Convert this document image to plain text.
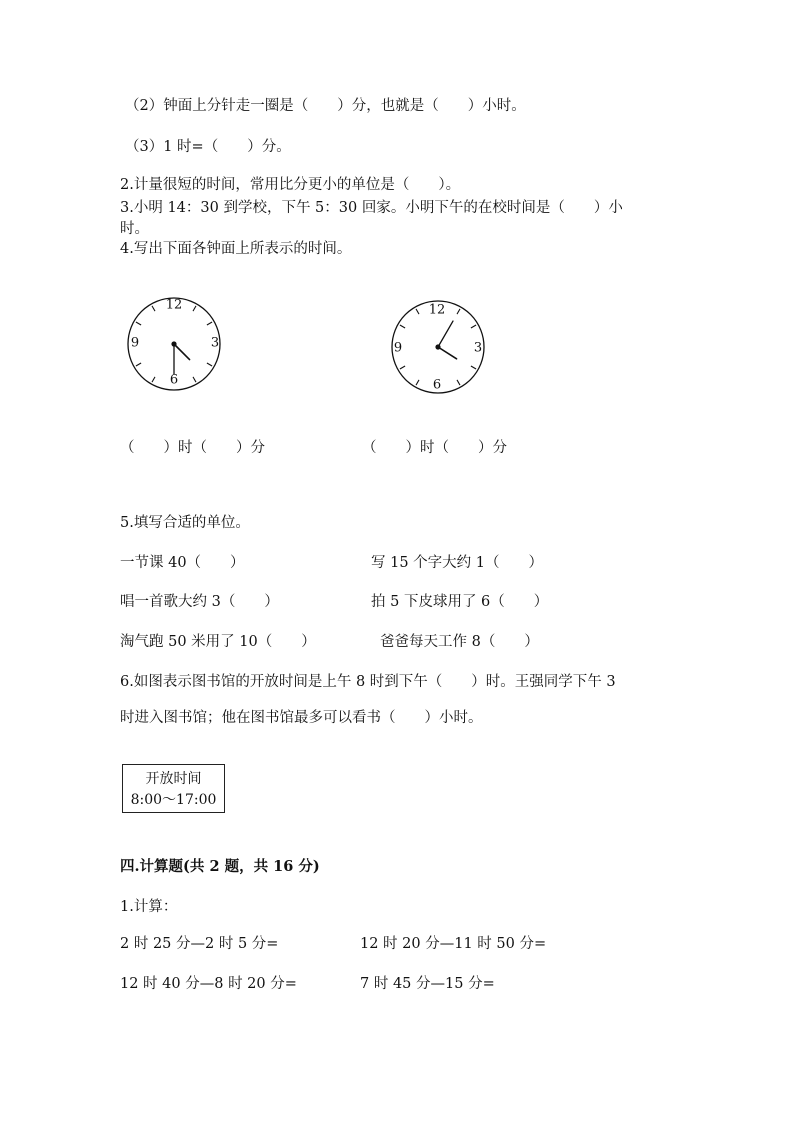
（2）钟面上分针走一圈是（　　）分，也就是（　　）小时。
（3）1 时=（　　）分。
2.计量很短的时间，常用比分更小的单位是（　　）。
3.小明 14：30 到学校，下午 5：30 回家。小明下午的在校时间是（　　）小
时。
4.写出下面各钟面上所表示的时间。
12
3
6
9
12
3
6
9
（　　）时（　　）分	（　　）时（　　）分
5.填写合适的单位。
一节课 40（　　）	写 15 个字大约 1（　　）
唱一首歌大约 3（　　）	拍 5 下皮球用了 6（　　）
淘气跑 50 米用了 10（　　）	爸爸每天工作 8（　　）
6.如图表示图书馆的开放时间是上午 8 时到下午（　　）时。王强同学下午 3
时进入图书馆；他在图书馆最多可以看书（　　）小时。
开放时间
8:00～17:00
四.计算题(共 2 题，共 16 分)
1.计算：
2 时 25 分—2 时 5 分=	12 时 20 分—11 时 50 分=
12 时 40 分—8 时 20 分=	7 时 45 分—15 分=
